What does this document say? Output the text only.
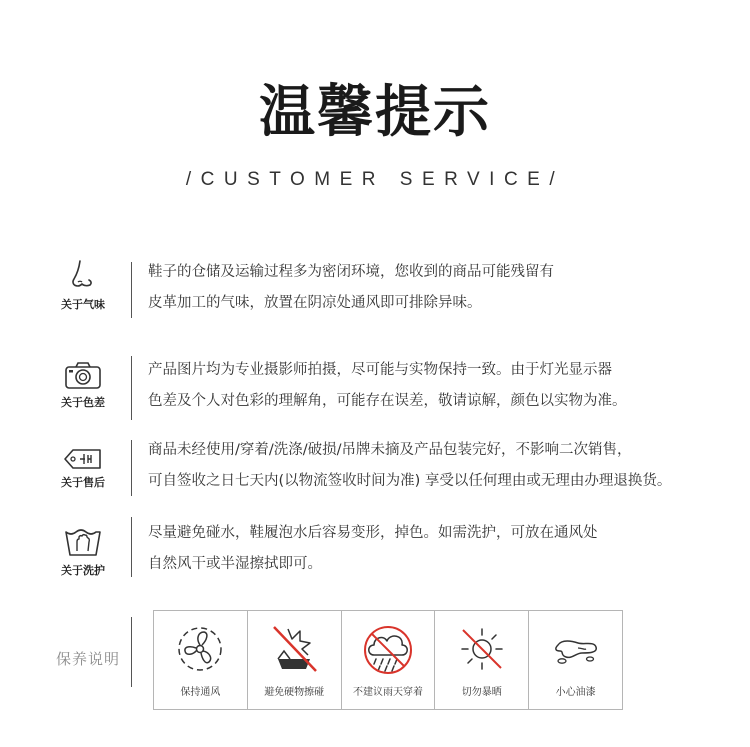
温馨提示
/CUSTOMER SERVICE/
关于气味
鞋子的仓储及运输过程多为密闭环境，您收到的商品可能残留有
皮革加工的气味，放置在阴凉处通风即可排除异味。
关于色差
产品图片均为专业摄影师拍摄，尽可能与实物保持一致。由于灯光显示器
色差及个人对色彩的理解角，可能存在误差，敬请谅解，颜色以实物为准。
关于售后
商品未经使用/穿着/洗涤/破损/吊牌未摘及产品包装完好，不影响二次销售，
可自签收之日七天内(以物流签收时间为准) 享受以任何理由或无理由办理退换货。
关于洗护
尽量避免碰水，鞋履泡水后容易变形，掉色。如需洗护，可放在通风处
自然风干或半湿擦拭即可。
保养说明
保持通风	避免硬物擦碰	不建议雨天穿着	切勿暴晒	小心油漆
